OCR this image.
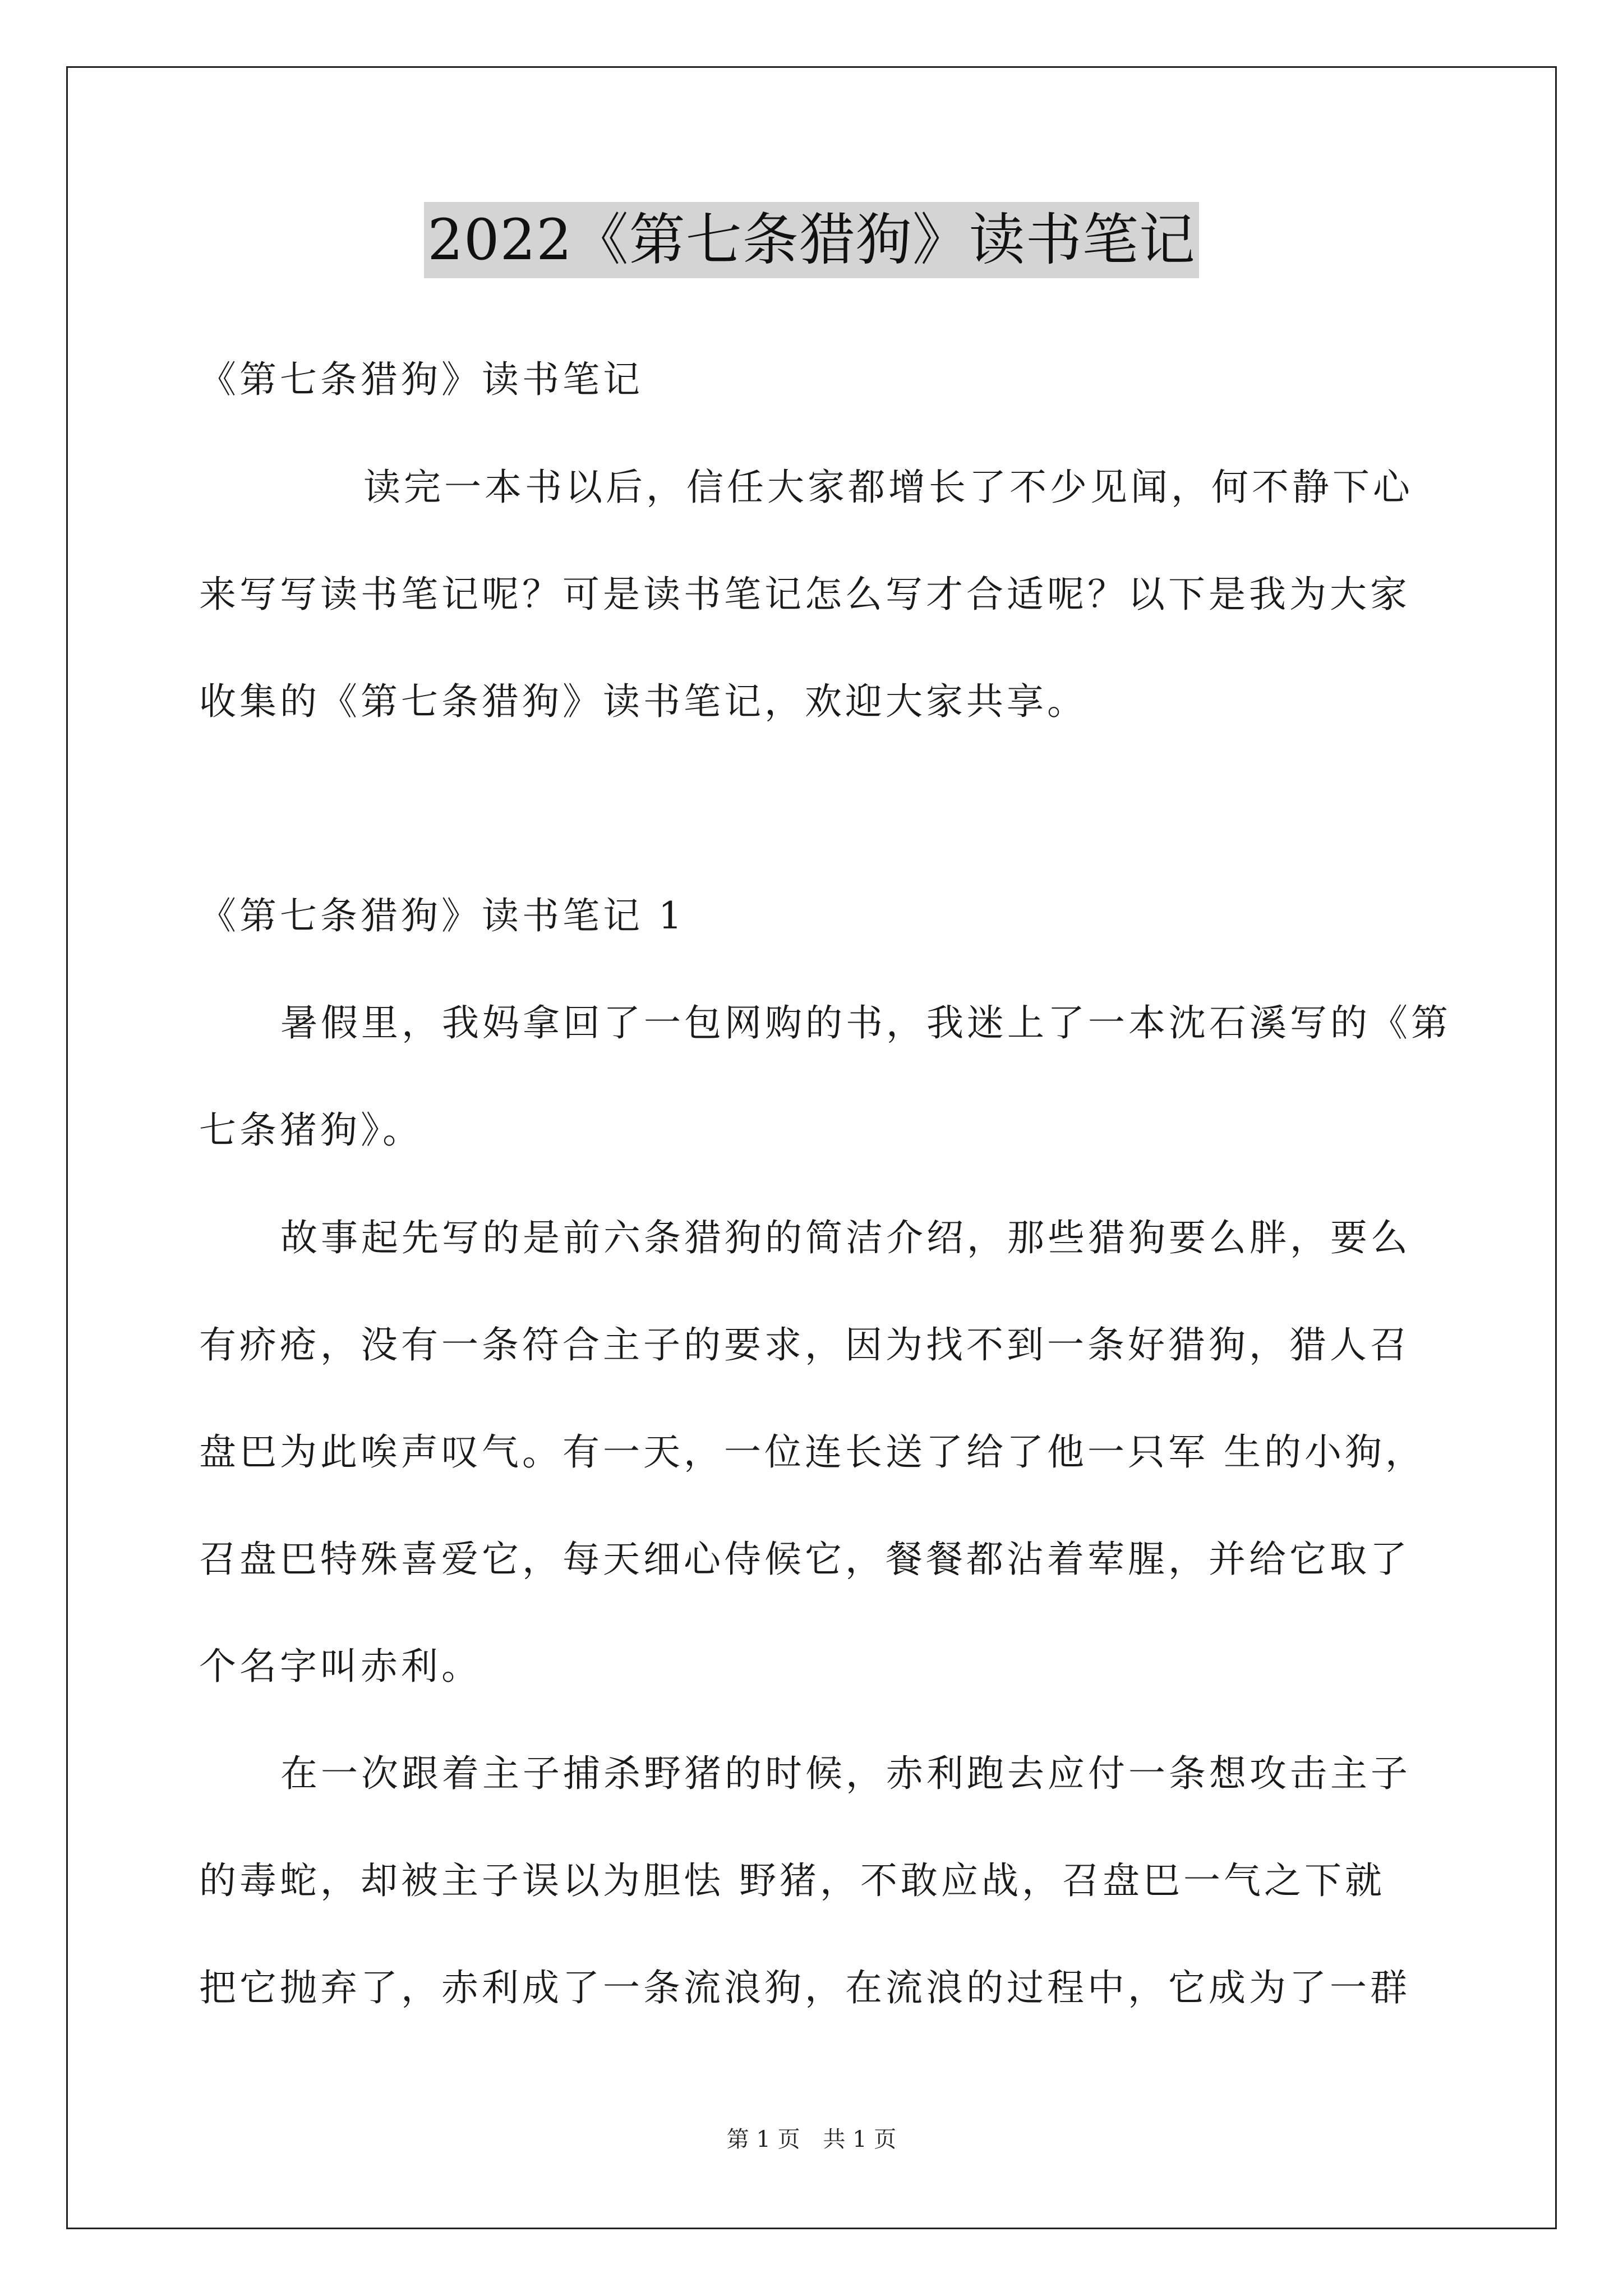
2022《第七条猎狗》读书笔记
《第七条猎狗》读书笔记
读完一本书以后，信任大家都增长了不少见闻，何不静下心
来写写读书笔记呢？可是读书笔记怎么写才合适呢？以下是我为大家
收集的《第七条猎狗》读书笔记，欢迎大家共享。
《第七条猎狗》读书笔记 1
暑假里，我妈拿回了一包网购的书，我迷上了一本沈石溪写的《第
七条猪狗》。
故事起先写的是前六条猎狗的简洁介绍，那些猎狗要么胖，要么
有疥疮，没有一条符合主子的要求，因为找不到一条好猎狗，猎人召
盘巴为此唉声叹气。有一天，一位连长送了给了他一只军 生的小狗，
召盘巴特殊喜爱它，每天细心侍候它，餐餐都沾着荤腥，并给它取了
个名字叫赤利。
在一次跟着主子捕杀野猪的时候，赤利跑去应付一条想攻击主子
的毒蛇，却被主子误以为胆怯 野猪，不敢应战，召盘巴一气之下就
把它抛弃了，赤利成了一条流浪狗，在流浪的过程中，它成为了一群
第 1 页 共 1 页
